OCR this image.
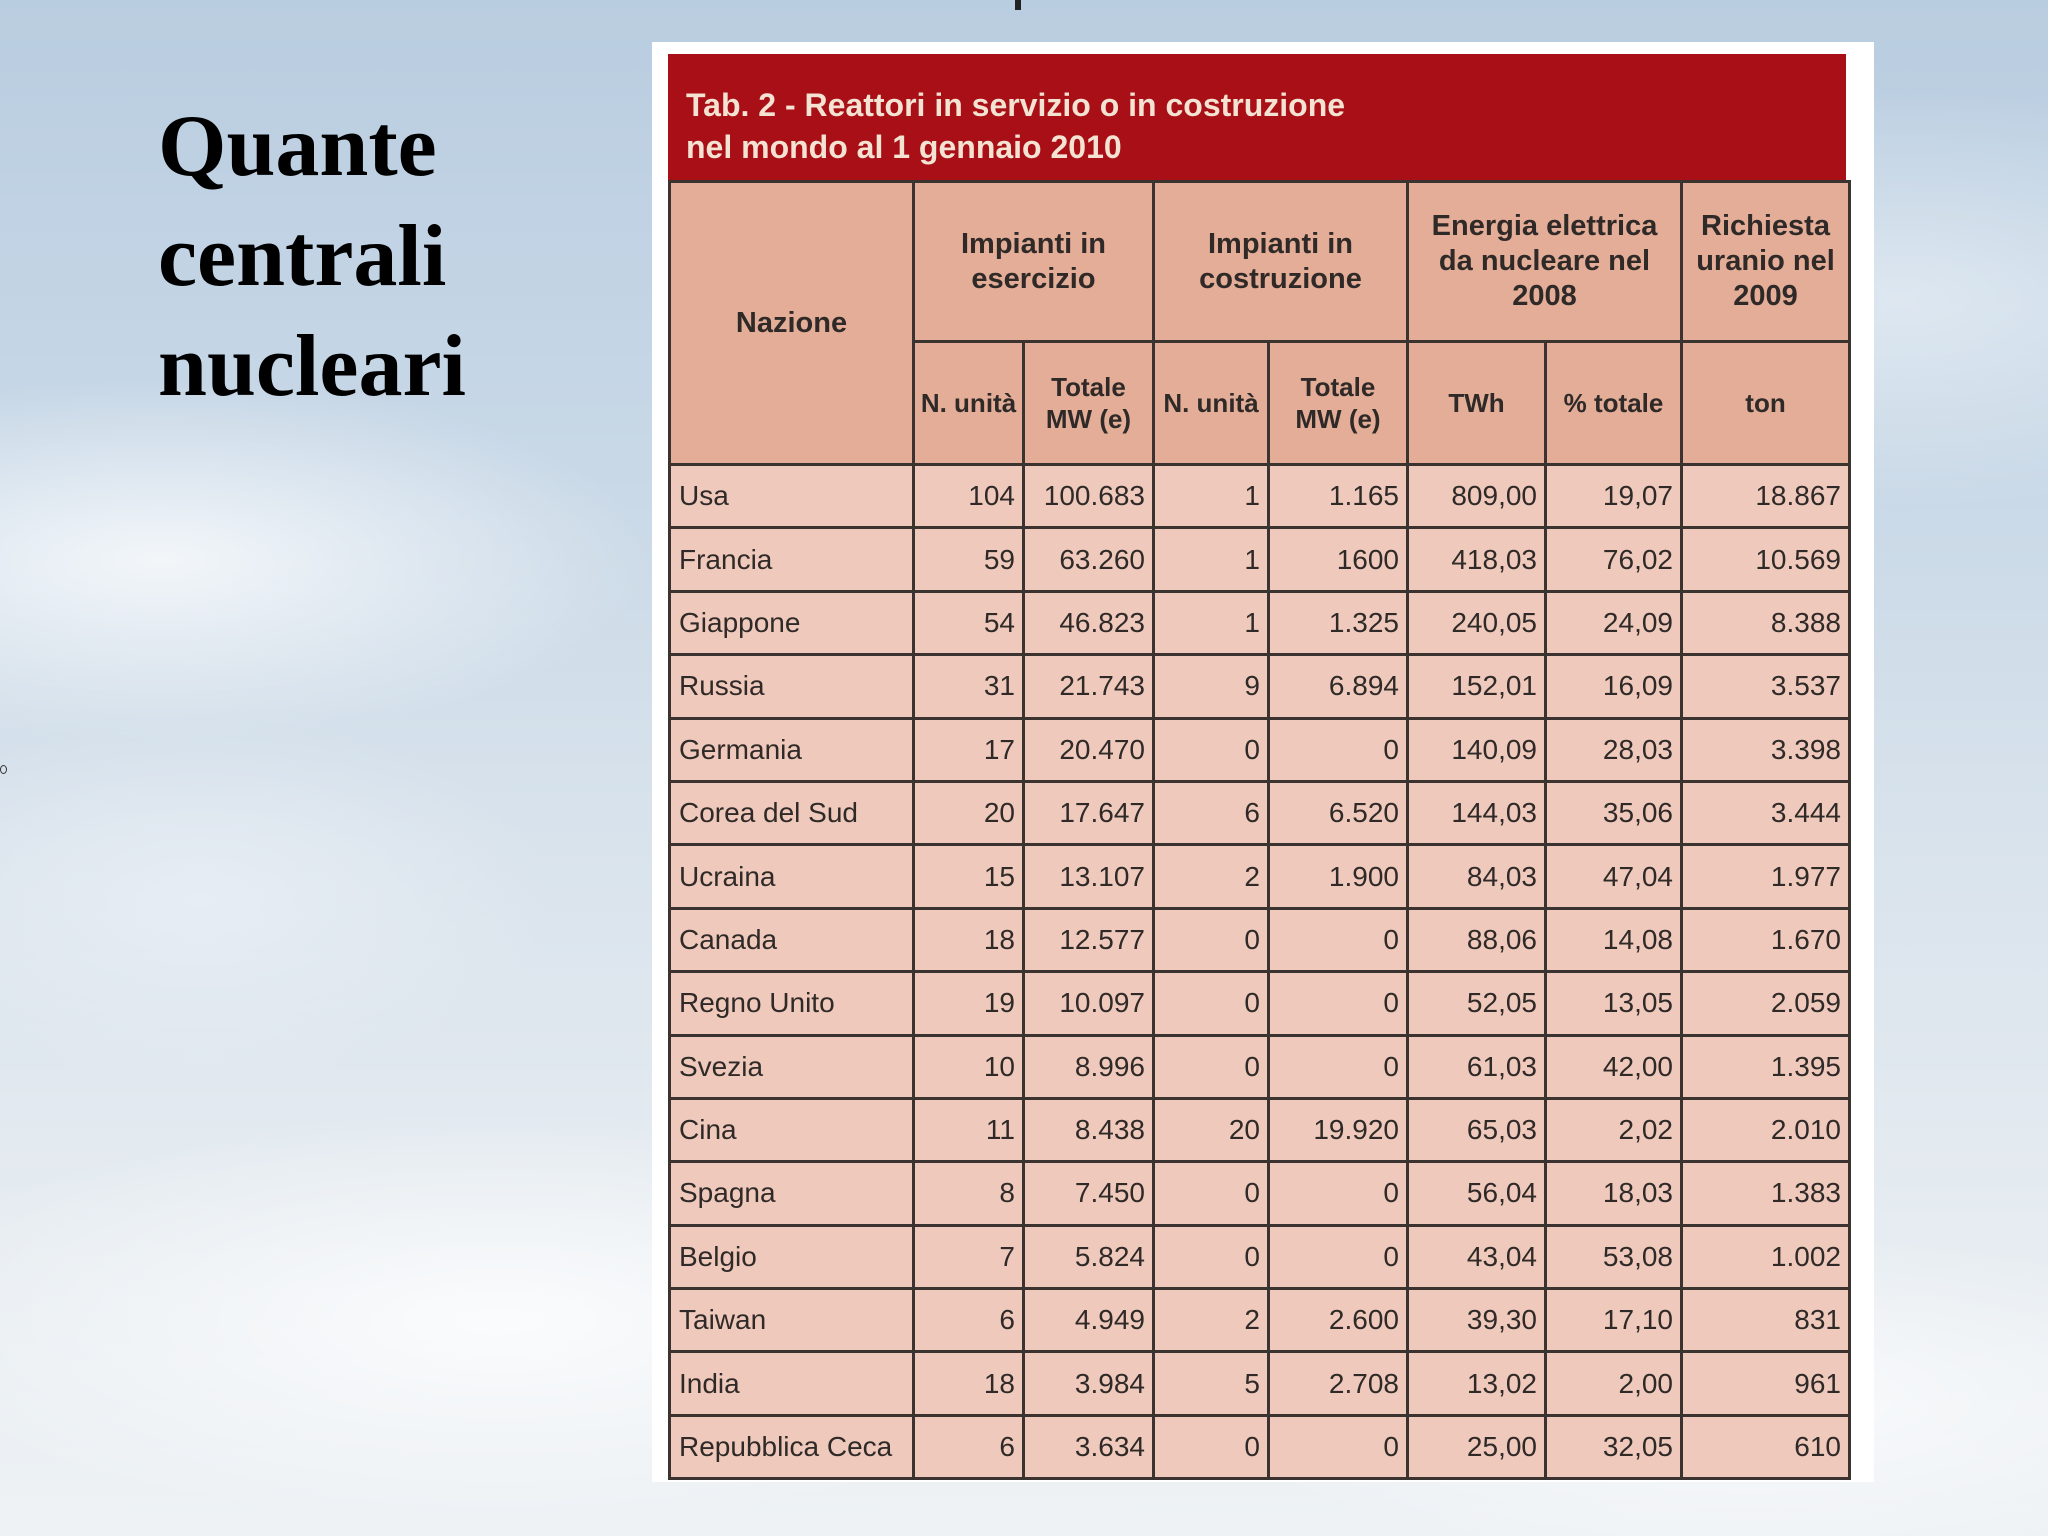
Quante
centrali
nucleari
Tab. 2 - Reattori in servizio o in costruzione
nel mondo al 1 gennaio 2010
Nazione	Impianti in esercizio		Impianti in costruzione		Energia elettrica da nucleare nel 2008		Richiesta uranio nel 2009
	N. unità	Totale MW (e)	N. unità	Totale MW (e)	TWh	% totale	ton
Usa	104	100.683	1	1.165	809,00	19,07	18.867
Francia	59	63.260	1	1600	418,03	76,02	10.569
Giappone	54	46.823	1	1.325	240,05	24,09	8.388
Russia	31	21.743	9	6.894	152,01	16,09	3.537
Germania	17	20.470	0	0	140,09	28,03	3.398
Corea del Sud	20	17.647	6	6.520	144,03	35,06	3.444
Ucraina	15	13.107	2	1.900	84,03	47,04	1.977
Canada	18	12.577	0	0	88,06	14,08	1.670
Regno Unito	19	10.097	0	0	52,05	13,05	2.059
Svezia	10	8.996	0	0	61,03	42,00	1.395
Cina	11	8.438	20	19.920	65,03	2,02	2.010
Spagna	8	7.450	0	0	56,04	18,03	1.383
Belgio	7	5.824	0	0	43,04	53,08	1.002
Taiwan	6	4.949	2	2.600	39,30	17,10	831
India	18	3.984	5	2.708	13,02	2,00	961
Repubblica Ceca	6	3.634	0	0	25,00	32,05	610
